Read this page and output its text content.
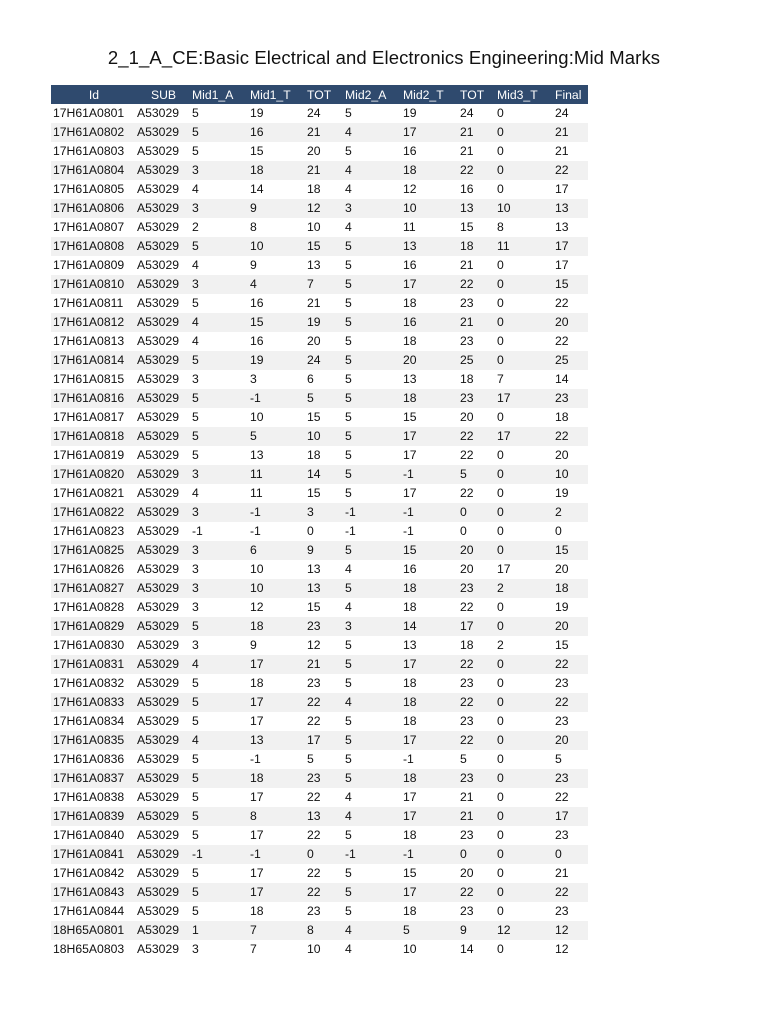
2_1_A_CE:Basic Electrical and Electronics Engineering:Mid Marks
Id	SUB	Mid1_A	Mid1_T	TOT	Mid2_A	Mid2_T	TOT	Mid3_T	Final
17H61A0801	A53029	5	19	24	5	19	24	0	24
17H61A0802	A53029	5	16	21	4	17	21	0	21
17H61A0803	A53029	5	15	20	5	16	21	0	21
17H61A0804	A53029	3	18	21	4	18	22	0	22
17H61A0805	A53029	4	14	18	4	12	16	0	17
17H61A0806	A53029	3	9	12	3	10	13	10	13
17H61A0807	A53029	2	8	10	4	11	15	8	13
17H61A0808	A53029	5	10	15	5	13	18	11	17
17H61A0809	A53029	4	9	13	5	16	21	0	17
17H61A0810	A53029	3	4	7	5	17	22	0	15
17H61A0811	A53029	5	16	21	5	18	23	0	22
17H61A0812	A53029	4	15	19	5	16	21	0	20
17H61A0813	A53029	4	16	20	5	18	23	0	22
17H61A0814	A53029	5	19	24	5	20	25	0	25
17H61A0815	A53029	3	3	6	5	13	18	7	14
17H61A0816	A53029	5	-1	5	5	18	23	17	23
17H61A0817	A53029	5	10	15	5	15	20	0	18
17H61A0818	A53029	5	5	10	5	17	22	17	22
17H61A0819	A53029	5	13	18	5	17	22	0	20
17H61A0820	A53029	3	11	14	5	-1	5	0	10
17H61A0821	A53029	4	11	15	5	17	22	0	19
17H61A0822	A53029	3	-1	3	-1	-1	0	0	2
17H61A0823	A53029	-1	-1	0	-1	-1	0	0	0
17H61A0825	A53029	3	6	9	5	15	20	0	15
17H61A0826	A53029	3	10	13	4	16	20	17	20
17H61A0827	A53029	3	10	13	5	18	23	2	18
17H61A0828	A53029	3	12	15	4	18	22	0	19
17H61A0829	A53029	5	18	23	3	14	17	0	20
17H61A0830	A53029	3	9	12	5	13	18	2	15
17H61A0831	A53029	4	17	21	5	17	22	0	22
17H61A0832	A53029	5	18	23	5	18	23	0	23
17H61A0833	A53029	5	17	22	4	18	22	0	22
17H61A0834	A53029	5	17	22	5	18	23	0	23
17H61A0835	A53029	4	13	17	5	17	22	0	20
17H61A0836	A53029	5	-1	5	5	-1	5	0	5
17H61A0837	A53029	5	18	23	5	18	23	0	23
17H61A0838	A53029	5	17	22	4	17	21	0	22
17H61A0839	A53029	5	8	13	4	17	21	0	17
17H61A0840	A53029	5	17	22	5	18	23	0	23
17H61A0841	A53029	-1	-1	0	-1	-1	0	0	0
17H61A0842	A53029	5	17	22	5	15	20	0	21
17H61A0843	A53029	5	17	22	5	17	22	0	22
17H61A0844	A53029	5	18	23	5	18	23	0	23
18H65A0801	A53029	1	7	8	4	5	9	12	12
18H65A0803	A53029	3	7	10	4	10	14	0	12
